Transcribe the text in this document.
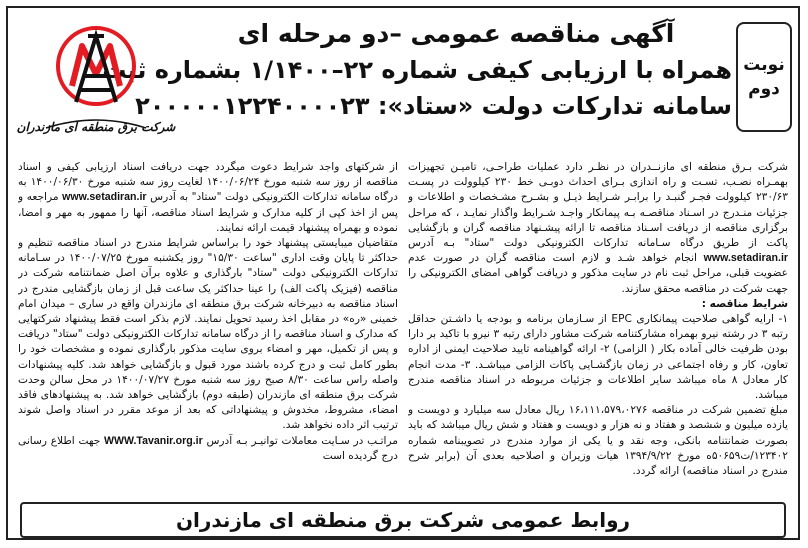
نوبت
دوم
آگهی مناقصه عمومی –دو مرحله ای
همراه با ارزیابی کیفی شماره ۲۲–۱/۱۴۰۰ بشماره ثبت
سامانه تدارکات دولت «ستاد»: ۲۰۰۰۰۰۱۲۲۴۰۰۰۰۲۳
شرکت برق منطقه ای مازندران

شرکت بـرق منطقه ای مازنــدران در نظـر دارد عملیات طراحـی، تامیـن تجهیزات بهمـراه نصـب، تسـت و راه اندازی بـرای احداث دوبـی خط ۲۳۰ کیلوولت در پسـت ۲۳۰/۶۳ کیلوولت فجـر گنبـد را برابـر شـرایط ذیـل و بشـرح مشـخصات و اطلاعات و جزئیات منـدرج در اسـناد مناقصـه بـه پیمانکار واجـد شـرایط واگذار نمایـد ، که مراحل برگزاری مناقصه از دریافت اسـناد مناقصه تا ارائه پیشـنهاد مناقصه گران و بازگشایی پاکت از طریق درگاه سـامانه تدارکات الکترونیکی دولت "ستاد" بـه آدرس www.setadiran.ir انجام خواهد شـد و لازم است مناقصه گران در صورت عدم عضویت قبلی، مراحل ثبت نام در سایت مذکور و دریافت گواهی امضای الکترونیکی را جهت شرکت در مناقصه محقق سازند.

شرایط مناقصه :

۱- ارایه گواهی صلاحیت پیمانکاری EPC از سـازمان برنامه و بودجه یا داشـتن حداقل رتبه ۳ در رشته نیرو بهمراه مشارکتنامه شرکت مشاور دارای رتبه ۳ نیرو با تاکید بر دارا بودن ظرفیت خالی آماده بکار ( الزامی) ۲- ارائه گواهینامه تایید صلاحیت ایمنی از اداره تعاون، کار و رفاه اجتماعی در زمان بازگشـایی پاکات الزامی میباشـد. ۳- مدت انجام کار معادل ۸ ماه میباشد سایر اطلاعات و جزئیات مربوطه در اسناد مناقصه مندرج میباشد.

مبلغ تضمین شرکت در مناقصه ۱۶،۱۱۱،۵۷۹،۰۲۷۶ ریال معادل سه میلیارد و دویست و یازده میلیون و ششصد و هفتاد و نه هزار و دویست و هفتاد و شش ریال میباشد که باید بصورت ضمانتنامه بانکی، وجه نقد و یا یکی از موارد مندرج در تصویبنامه شماره ۱۲۳۴۰۲/ت۵۰۶۵۹ه مورخ ۱۳۹۴/۹/۲۲ هیات وزیران و اصلاحیه بعدی آن (برابر شرح مندرج در اسناد مناقصه) ارائه گردد.

از شرکتهای واجد شرایط دعوت میگردد جهت دریافت اسناد ارزیابی کیفی و اسناد مناقصه از روز سه شنبه مورخ ۱۴۰۰/۰۶/۲۴ لغایت روز سه شنبه مورخ ۱۴۰۰/۰۶/۳۰ به درگاه سامانه تدارکات الکترونیکی دولت "ستاد" به آدرس www.setadiran.ir مراجعه و پس از اخذ کپی از کلیه مدارک و شرایط اسناد مناقصه، آنها را ممهور به مهر و امضا، نموده و بهمراه پیشنهاد قیمت ارائه نمایند.

متقاضیان میبایستی پیشنهاد خود را براساس شرایط مندرج در اسناد مناقصه تنظیم و حداکثر تا پایان وقت اداری "ساعت ۱۵/۳۰" روز یکشنبه مورخ ۱۴۰۰/۰۷/۲۵ در سـامانه تدارکات الکترونیکی دولت "ستاد" بارگذاری و علاوه برآن اصل ضمانتنامه شرکت در مناقصه (فیزیک پاکت الف) را عینا حداکثر یک ساعت قبل از زمان بازگشایی مندرج در اسناد مناقصه به دبیرخانه شرکت برق منطقه ای مازندران واقع در ساری – میدان امام خمینی «ره» در مقابل اخذ رسید تحویل نمایند. لازم بذکر است فقط پیشنهاد شرکتهایی که مدارک و اسناد مناقصه را از درگاه سامانه تدارکات الکترونیکی دولت "ستاد" دریافت و پس از تکمیل، مهر و امضاء بروی سایت مذکور بارگذاری نموده و مشخصات خود را بطور کامل ثبت و درج کرده باشند مورد قبول و بازگشایی خواهد شد. کلیه پیشنهادات واصله راس ساعت ۸/۳۰ صبح روز سه شنبه مورخ ۱۴۰۰/۰۷/۲۷ در محل سالن وحدت شرکت برق منطقه ای مازندران (طبقه دوم) بازگشایی خواهد شد. به پیشنهادهای فاقد امضاء، مشروط، مخدوش و پیشنهاداتی که بعد از موعد مقرر در اسناد واصل شوند ترتیب اثر داده نخواهد شد.

مراتـب در سـایت معاملات توانیـر بـه آدرس WWW.Tavanir.org.ir جهت اطلاع رسانی درج گردیده است

روابط عمومی شرکت برق منطقه ای مازندران
